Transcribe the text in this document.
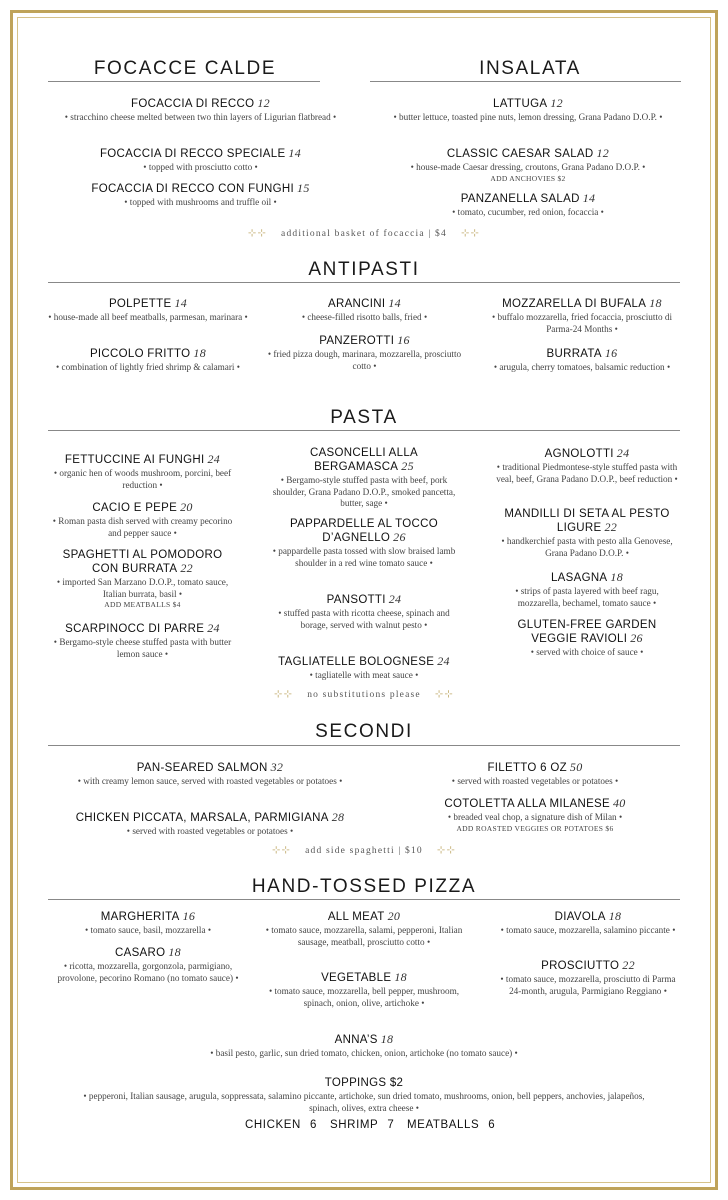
FOCACCE CALDE	INSALATA
FOCACCIA DI RECCO 12
• stracchino cheese melted between two thin layers of Ligurian flatbread •
FOCACCIA DI RECCO SPECIALE 14
• topped with prosciutto cotto •
FOCACCIA DI RECCO CON FUNGHI 15
• topped with mushrooms and truffle oil •
LATTUGA 12
• butter lettuce, toasted pine nuts, lemon dressing, Grana Padano D.O.P. •
CLASSIC CAESAR SALAD 12
• house-made Caesar dressing, croutons, Grana Padano D.O.P. •
ADD ANCHOVIES $2
PANZANELLA SALAD 14
• tomato, cucumber, red onion, focaccia •
⊹⊹ additional basket of focaccia | $4 ⊹⊹
ANTIPASTI
POLPETTE 14
• house-made all beef meatballs, parmesan, marinara •
PICCOLO FRITTO 18
• combination of lightly fried shrimp & calamari •
ARANCINI 14
• cheese-filled risotto balls, fried •
PANZEROTTI 16
• fried pizza dough, marinara, mozzarella, prosciutto cotto •
MOZZARELLA DI BUFALA 18
• buffalo mozzarella, fried focaccia, prosciutto di Parma-24 Months •
BURRATA 16
• arugula, cherry tomatoes, balsamic reduction •
PASTA
FETTUCCINE AI FUNGHI 24
• organic hen of woods mushroom, porcini, beef reduction •
CACIO E PEPE 20
• Roman pasta dish served with creamy pecorino and pepper sauce •
SPAGHETTI AL POMODORO CON BURRATA 22
• imported San Marzano D.O.P., tomato sauce, Italian burrata, basil •
ADD MEATBALLS $4
SCARPINOCC DI PARRE 24
• Bergamo-style cheese stuffed pasta with butter lemon sauce •
CASONCELLI ALLA BERGAMASCA 25
• Bergamo-style stuffed pasta with beef, pork shoulder, Grana Padano D.O.P., smoked pancetta, butter, sage •
PAPPARDELLE AL TOCCO D’AGNELLO 26
• pappardelle pasta tossed with slow braised lamb shoulder in a red wine tomato sauce •
PANSOTTI 24
• stuffed pasta with ricotta cheese, spinach and borage, served with walnut pesto •
TAGLIATELLE BOLOGNESE 24
• tagliatelle with meat sauce •
AGNOLOTTI 24
• traditional Piedmontese-style stuffed pasta with veal, beef, Grana Padano D.O.P., beef reduction •
MANDILLI DI SETA AL PESTO LIGURE 22
• handkerchief pasta with pesto alla Genovese, Grana Padano D.O.P. •
LASAGNA 18
• strips of pasta layered with beef ragu, mozzarella, bechamel, tomato sauce •
GLUTEN-FREE GARDEN VEGGIE RAVIOLI 26
• served with choice of sauce •
⊹⊹ no substitutions please ⊹⊹
SECONDI
PAN-SEARED SALMON 32
• with creamy lemon sauce, served with roasted vegetables or potatoes •
CHICKEN PICCATA, MARSALA, PARMIGIANA 28
• served with roasted vegetables or potatoes •
FILETTO 6 OZ 50
• served with roasted vegetables or potatoes •
COTOLETTA ALLA MILANESE 40
• breaded veal chop, a signature dish of Milan •
ADD ROASTED VEGGIES OR POTATOES $6
⊹⊹ add side spaghetti | $10 ⊹⊹
HAND-TOSSED PIZZA
MARGHERITA 16
• tomato sauce, basil, mozzarella •
CASARO 18
• ricotta, mozzarella, gorgonzola, parmigiano, provolone, pecorino Romano (no tomato sauce) •
ALL MEAT 20
• tomato sauce, mozzarella, salami, pepperoni, Italian sausage, meatball, prosciutto cotto •
VEGETABLE 18
• tomato sauce, mozzarella, bell pepper, mushroom, spinach, onion, olive, artichoke •
DIAVOLA 18
• tomato sauce, mozzarella, salamino piccante •
PROSCIUTTO 22
• tomato sauce, mozzarella, prosciutto di Parma 24-month, arugula, Parmigiano Reggiano •
ANNA’S 18
• basil pesto, garlic, sun dried tomato, chicken, onion, artichoke (no tomato sauce) •
TOPPINGS $2
• pepperoni, Italian sausage, arugula, soppressata, salamino piccante, artichoke, sun dried tomato, mushrooms, onion, bell peppers, anchovies, jalapeños, spinach, olives, extra cheese •
CHICKEN 6 SHRIMP 7 MEATBALLS 6
